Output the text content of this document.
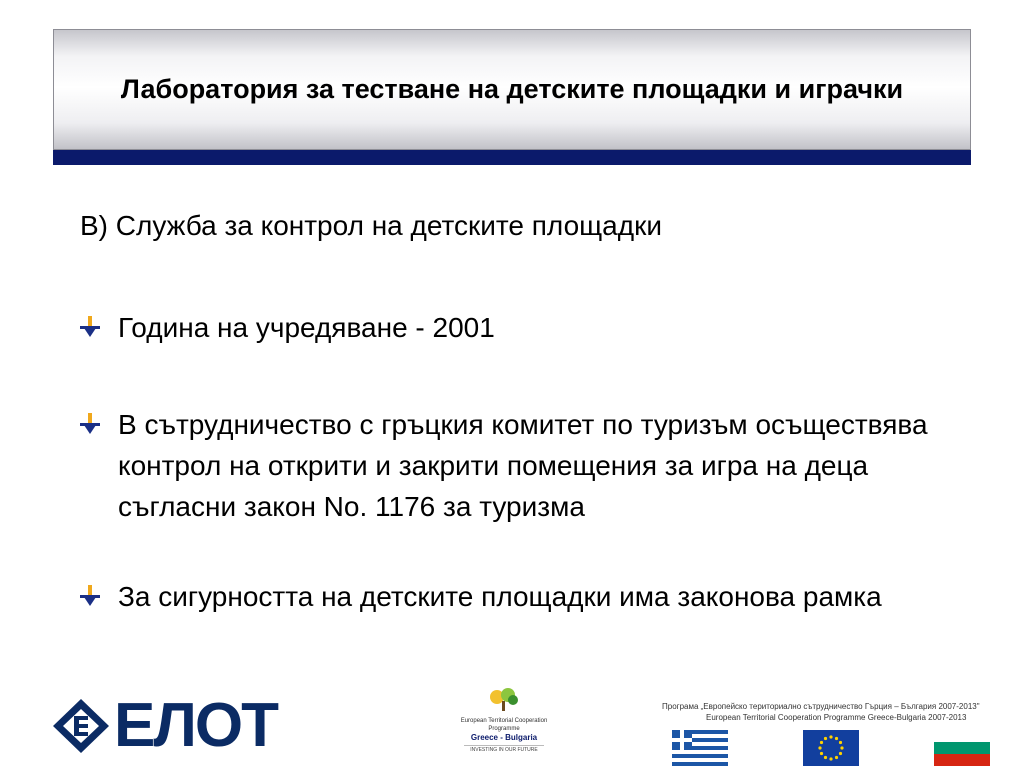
Лаборатория за тестване на детските площадки и играчки
В) Служба за контрол на детските площадки
Година на учредяване - 2001
В сътрудничество с гръцкия комитет по туризъм осъществява контрол на открити и закрити помещения за игра на деца съгласни закон No. 1176 за туризма
За сигурността на детските площадки има законова рамка
ЕЛОТ	European Territorial Cooperation Programme
Greece - Bulgaria
INVESTING IN OUR FUTURE
Програма „Европейско териториално сътрудничество Гърция – България 2007-2013"
European Territorial Cooperation Programme Greece-Bulgaria 2007-2013
